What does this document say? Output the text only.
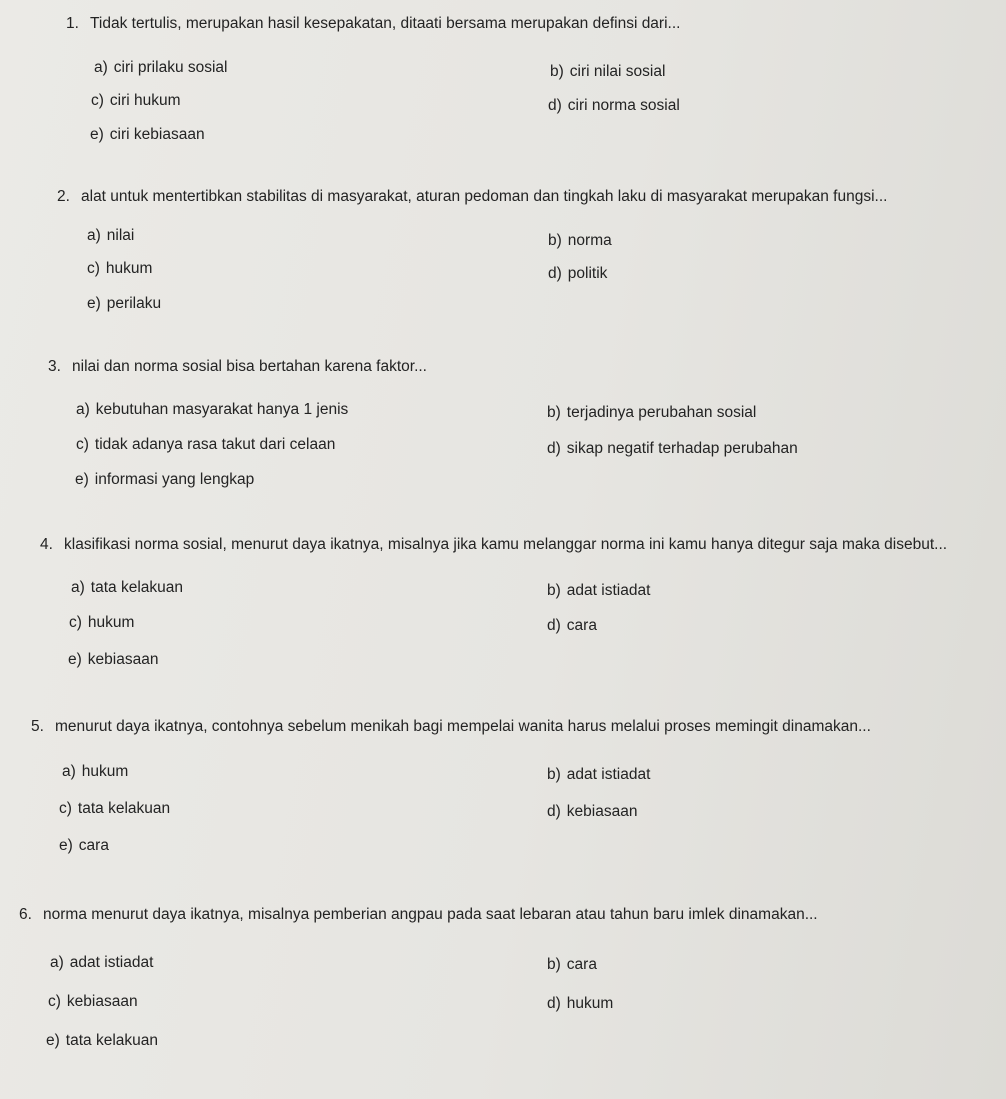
1. Tidak tertulis, merupakan hasil kesepakatan, ditaati bersama merupakan definsi dari...
a) ciri prilaku sosial	b) ciri nilai sosial
c) ciri hukum	d) ciri norma sosial
e) ciri kebiasaan
2. alat untuk mentertibkan stabilitas di masyarakat, aturan pedoman dan tingkah laku di masyarakat merupakan fungsi...
a) nilai	b) norma
c) hukum	d) politik
e) perilaku
3. nilai dan norma sosial bisa bertahan karena faktor...
a) kebutuhan masyarakat hanya 1 jenis	b) terjadinya perubahan sosial
c) tidak adanya rasa takut dari celaan	d) sikap negatif terhadap perubahan
e) informasi yang lengkap
4. klasifikasi norma sosial, menurut daya ikatnya, misalnya jika kamu melanggar norma ini kamu hanya ditegur saja maka disebut...
a) tata kelakuan	b) adat istiadat
c) hukum	d) cara
e) kebiasaan
5. menurut daya ikatnya, contohnya sebelum menikah bagi mempelai wanita harus melalui proses memingit dinamakan...
a) hukum	b) adat istiadat
c) tata kelakuan	d) kebiasaan
e) cara
6. norma menurut daya ikatnya, misalnya pemberian angpau pada saat lebaran atau tahun baru imlek dinamakan...
a) adat istiadat	b) cara
c) kebiasaan	d) hukum
e) tata kelakuan
